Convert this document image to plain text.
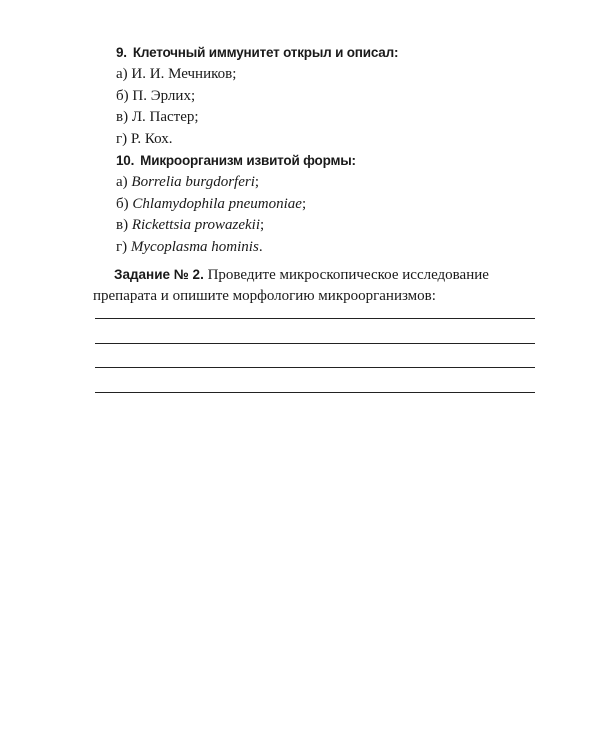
9. Клеточный иммунитет открыл и описал:

а) И. И. Мечников;
б) П. Эрлих;
в) Л. Пастер;
г) Р. Кох.

10. Микроорганизм извитой формы:

а) Borrelia burgdorferi;
б) Chlamydophila pneumoniae;
в) Rickettsia prowazekii;
г) Mycoplasma hominis.

Задание № 2. Проведите микроскопическое исследование препарата и опишите морфологию микроорганизмов:
